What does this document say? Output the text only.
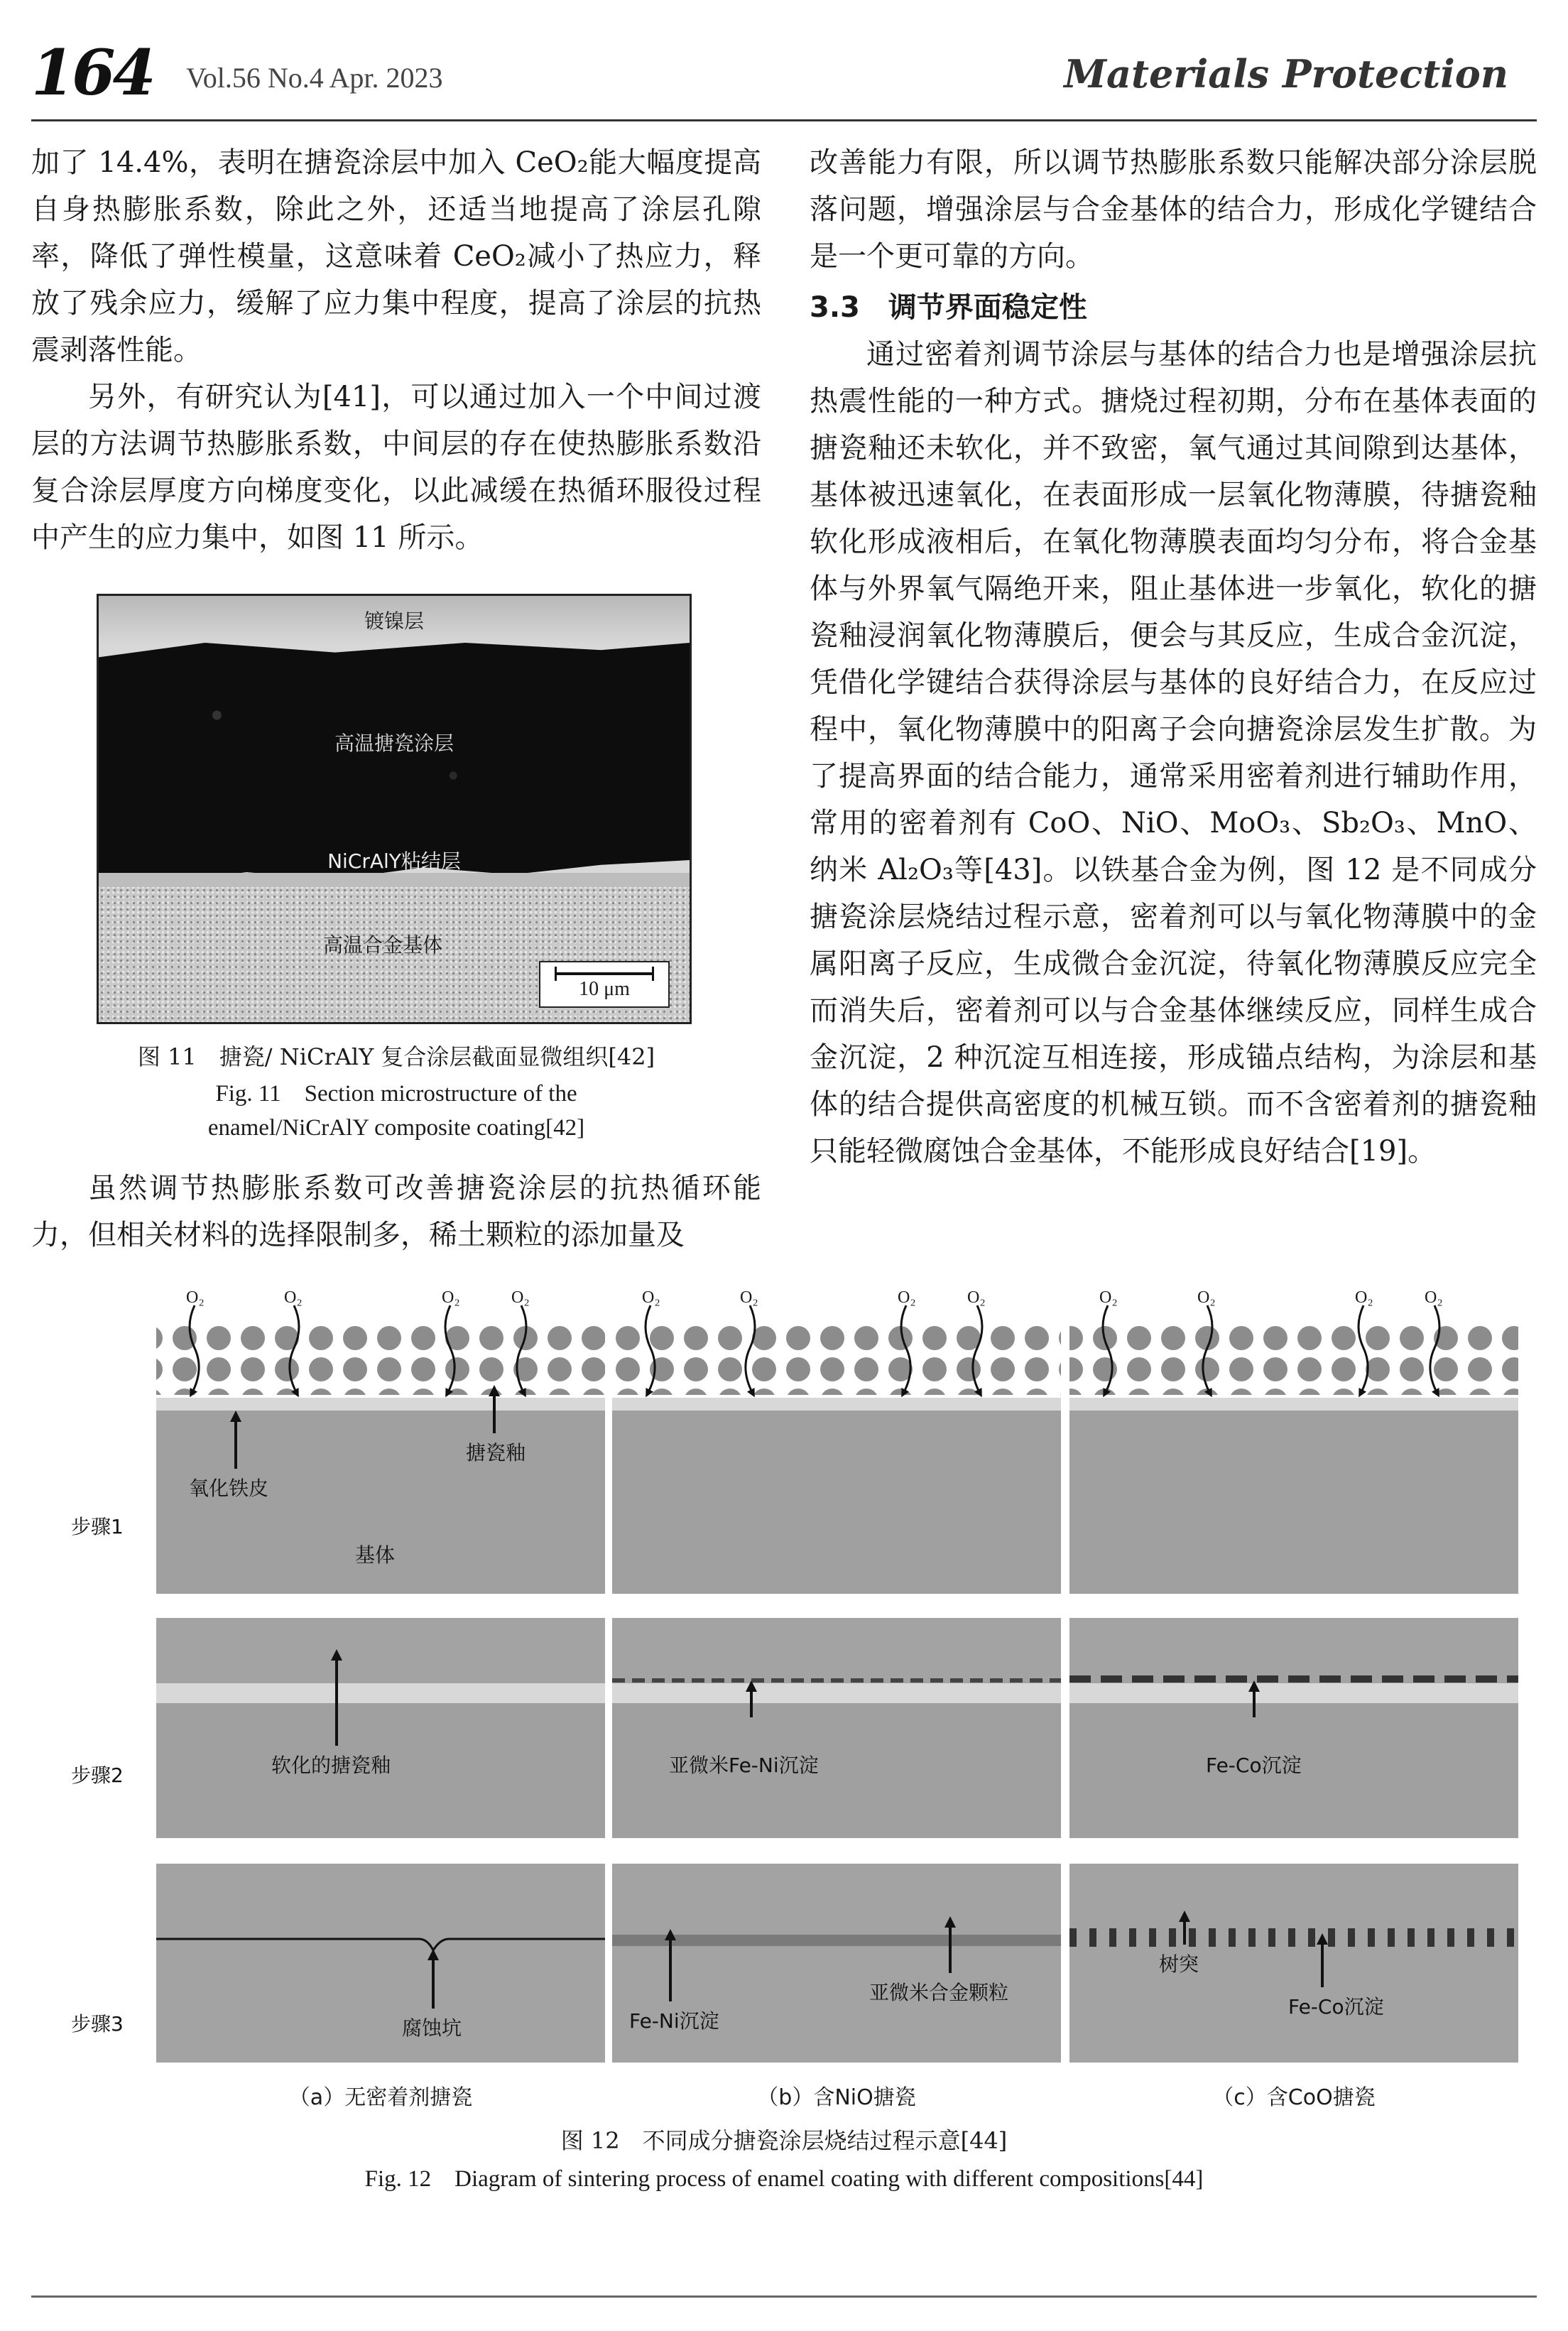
164 Vol.56 No.4 Apr. 2023	Materials Protection

加了 14.4%，表明在搪瓷涂层中加入 CeO₂能大幅度提高自身热膨胀系数，除此之外，还适当地提高了涂层孔隙率，降低了弹性模量，这意味着 CeO₂减小了热应力，释放了残余应力，缓解了应力集中程度，提高了涂层的抗热震剥落性能。

另外，有研究认为[41]，可以通过加入一个中间过渡层的方法调节热膨胀系数，中间层的存在使热膨胀系数沿复合涂层厚度方向梯度变化，以此减缓在热循环服役过程中产生的应力集中，如图 11 所示。

镀镍层
高温搪瓷涂层
NiCrAlY粘结层
高温合金基体
10 μm
图 11　搪瓷/ NiCrAlY 复合涂层截面显微组织[42]
Fig. 11　Section microstructure of the
enamel/NiCrAlY composite coating[42]

虽然调节热膨胀系数可改善搪瓷涂层的抗热循环能力，但相关材料的选择限制多，稀土颗粒的添加量及

改善能力有限，所以调节热膨胀系数只能解决部分涂层脱落问题，增强涂层与合金基体的结合力，形成化学键结合是一个更可靠的方向。

3.3　调节界面稳定性

通过密着剂调节涂层与基体的结合力也是增强涂层抗热震性能的一种方式。搪烧过程初期，分布在基体表面的搪瓷釉还未软化，并不致密，氧气通过其间隙到达基体，基体被迅速氧化，在表面形成一层氧化物薄膜，待搪瓷釉软化形成液相后，在氧化物薄膜表面均匀分布，将合金基体与外界氧气隔绝开来，阻止基体进一步氧化，软化的搪瓷釉浸润氧化物薄膜后，便会与其反应，生成合金沉淀，凭借化学键结合获得涂层与基体的良好结合力，在反应过程中，氧化物薄膜中的阳离子会向搪瓷涂层发生扩散。为了提高界面的结合能力，通常采用密着剂进行辅助作用，常用的密着剂有 CoO、NiO、MoO₃、Sb₂O₃、MnO、纳米 Al₂O₃等[43]。以铁基合金为例，图 12 是不同成分搪瓷涂层烧结过程示意，密着剂可以与氧化物薄膜中的金属阳离子反应，生成微合金沉淀，待氧化物薄膜反应完全而消失后，密着剂可以与合金基体继续反应，同样生成合金沉淀，2 种沉淀互相连接，形成锚点结构，为涂层和基体的结合提供高密度的机械互锁。而不含密着剂的搪瓷釉只能轻微腐蚀合金基体，不能形成良好结合[19]。

O₂	O₂	O₂	O₂	O₂	O₂	O₂	O₂	O₂	O₂	O₂	O₂
步骤1
步骤2
步骤3
氧化铁皮
搪瓷釉
基体
软化的搪瓷釉	亚微米Fe-Ni沉淀	Fe-Co沉淀
腐蚀坑	Fe-Ni沉淀
亚微米合金颗粒
树突
Fe-Co沉淀
（a）无密着剂搪瓷	（b）含NiO搪瓷	（c）含CoO搪瓷
图 12　不同成分搪瓷涂层烧结过程示意[44]
Fig. 12　Diagram of sintering process of enamel coating with different compositions[44]
